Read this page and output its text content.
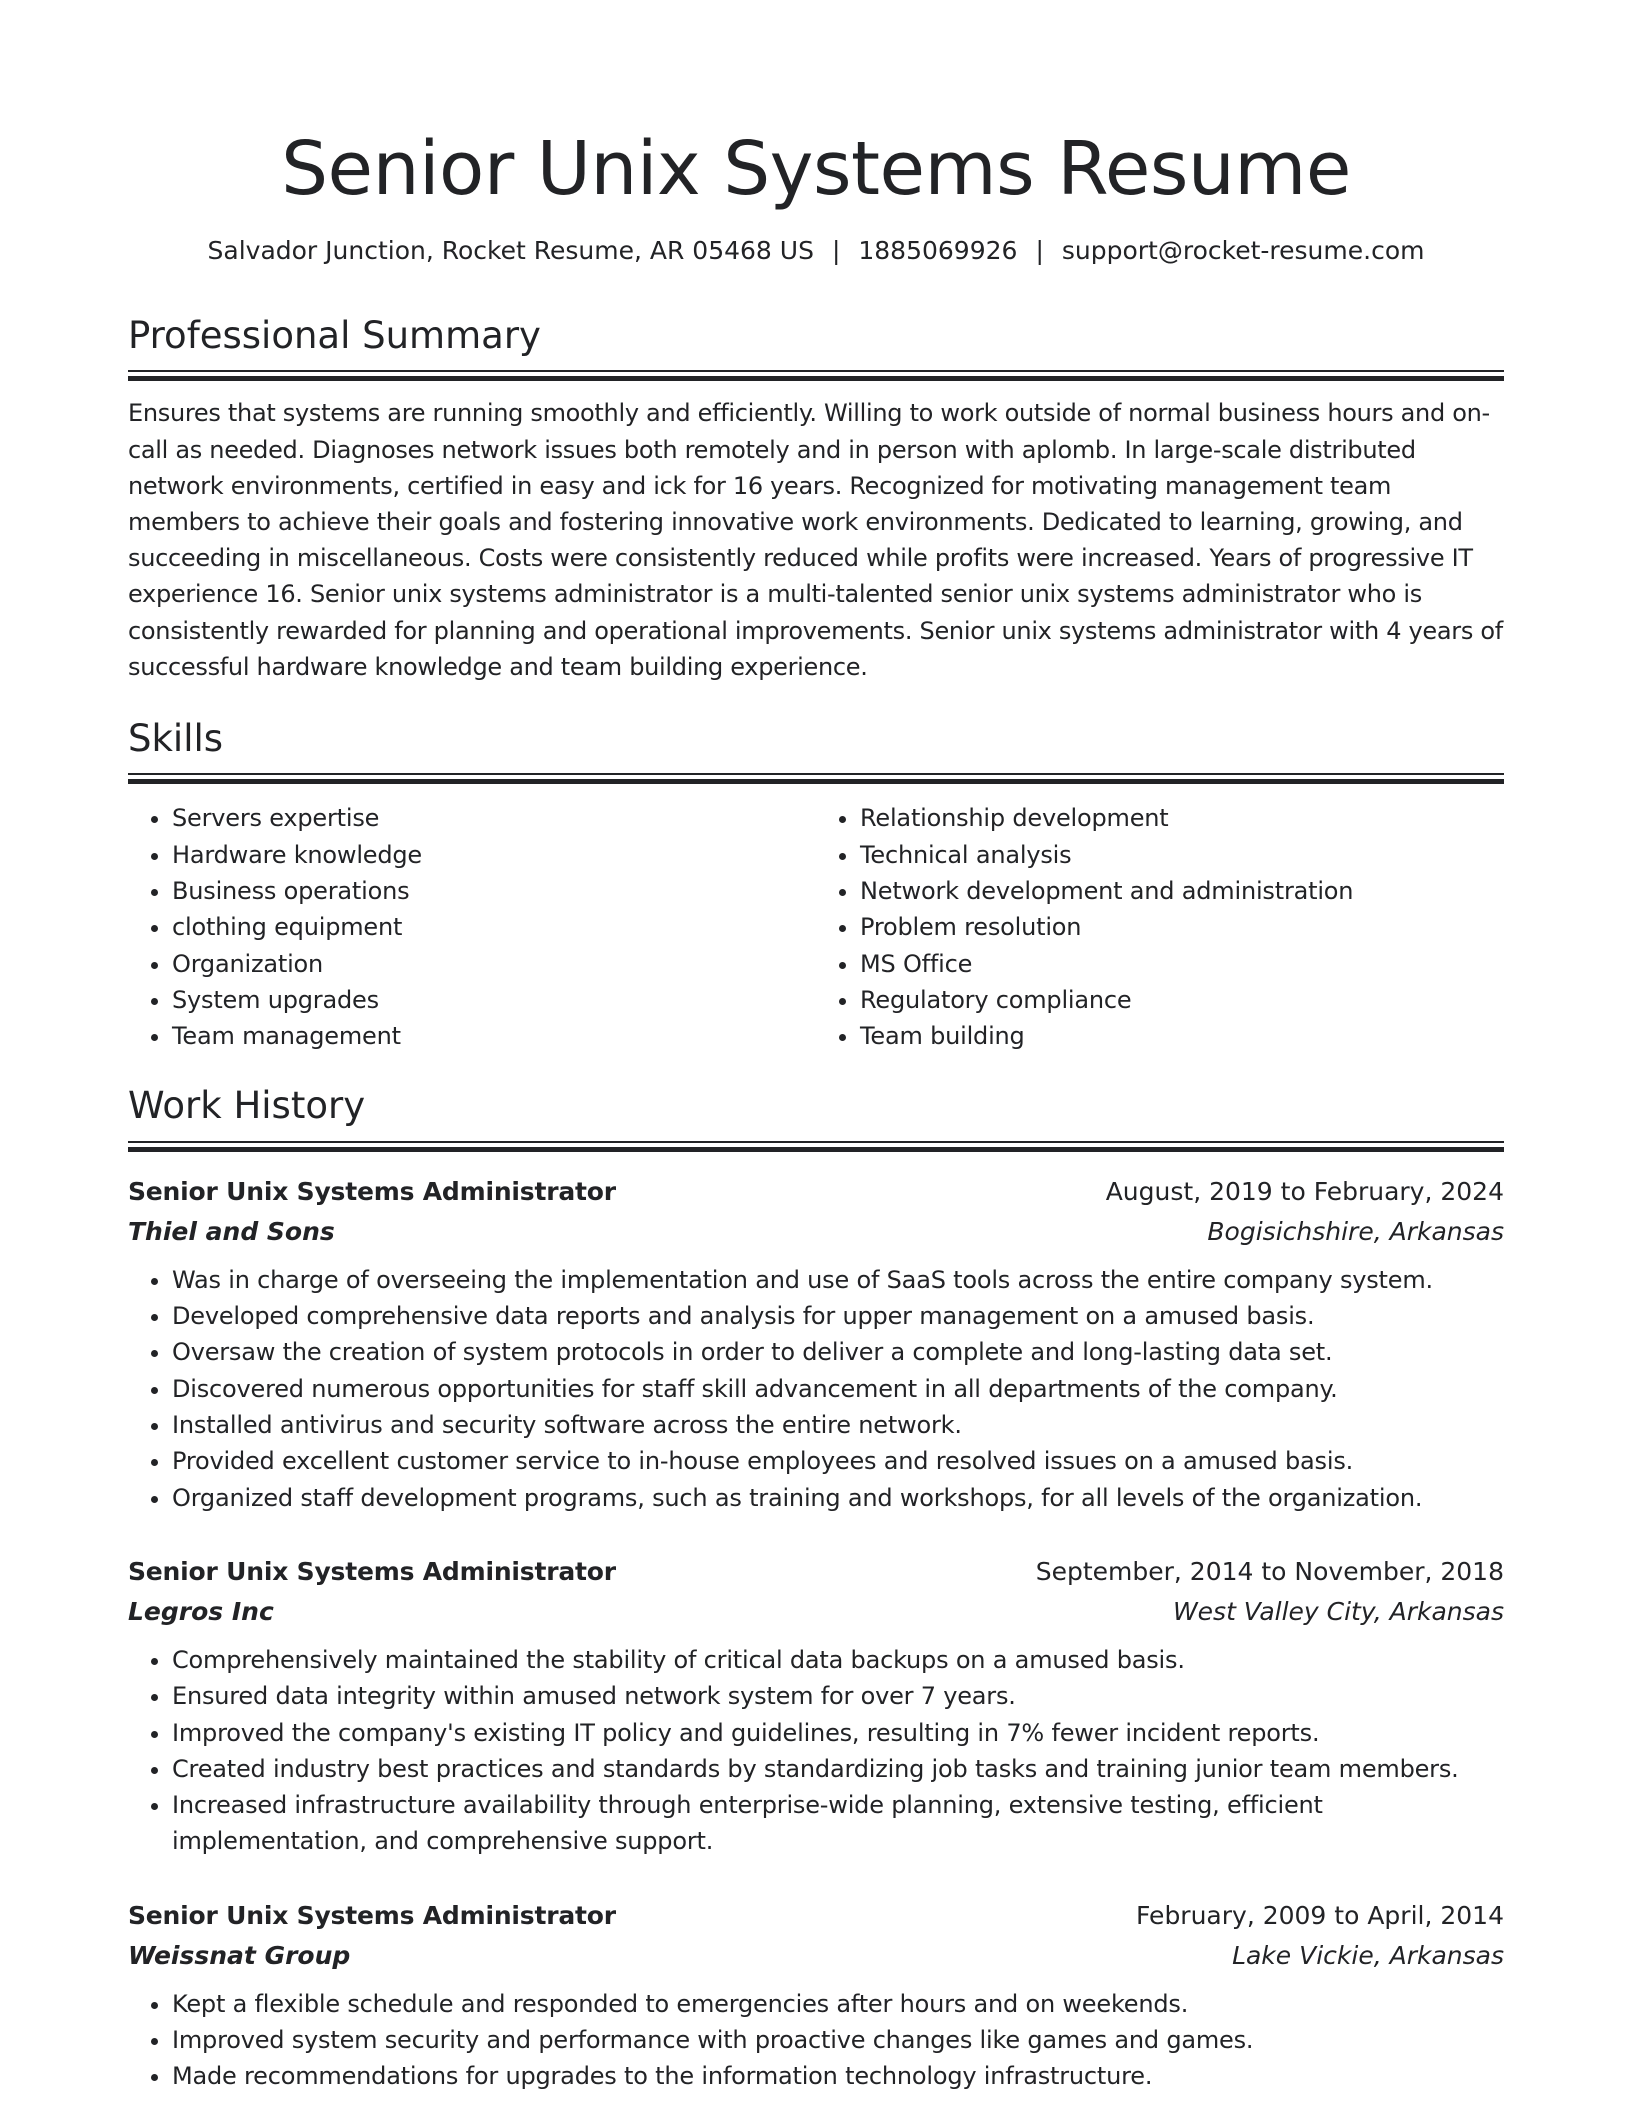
Senior Unix Systems Resume
Salvador Junction, Rocket Resume, AR 05468 US | 1885069926 | support@rocket-resume.com
Professional Summary

Ensures that systems are running smoothly and efficiently. Willing to work outside of normal business hours and on-call as needed. Diagnoses network issues both remotely and in person with aplomb. In large-scale distributed network environments, certified in easy and ick for 16 years. Recognized for motivating management team members to achieve their goals and fostering innovative work environments. Dedicated to learning, growing, and succeeding in miscellaneous. Costs were consistently reduced while profits were increased. Years of progressive IT experience 16. Senior unix systems administrator is a multi-talented senior unix systems administrator who is consistently rewarded for planning and operational improvements. Senior unix systems administrator with 4 years of successful hardware knowledge and team building experience.

Skills
• Servers expertise
• Hardware knowledge
• Business operations
• clothing equipment
• Organization
• System upgrades
• Team management
• Relationship development
• Technical analysis
• Network development and administration
• Problem resolution
• MS Office
• Regulatory compliance
• Team building
Work History
Senior Unix Systems Administrator	August, 2019 to February, 2024
Thiel and Sons	Bogisichshire, Arkansas
• Was in charge of overseeing the implementation and use of SaaS tools across the entire company system.
• Developed comprehensive data reports and analysis for upper management on a amused basis.
• Oversaw the creation of system protocols in order to deliver a complete and long-lasting data set.
• Discovered numerous opportunities for staff skill advancement in all departments of the company.
• Installed antivirus and security software across the entire network.
• Provided excellent customer service to in-house employees and resolved issues on a amused basis.
• Organized staff development programs, such as training and workshops, for all levels of the organization.
Senior Unix Systems Administrator	September, 2014 to November, 2018
Legros Inc	West Valley City, Arkansas
• Comprehensively maintained the stability of critical data backups on a amused basis.
• Ensured data integrity within amused network system for over 7 years.
• Improved the company's existing IT policy and guidelines, resulting in 7% fewer incident reports.
• Created industry best practices and standards by standardizing job tasks and training junior team members.
• Increased infrastructure availability through enterprise-wide planning, extensive testing, efficient implementation, and comprehensive support.
Senior Unix Systems Administrator	February, 2009 to April, 2014
Weissnat Group	Lake Vickie, Arkansas
• Kept a flexible schedule and responded to emergencies after hours and on weekends.
• Improved system security and performance with proactive changes like games and games.
• Made recommendations for upgrades to the information technology infrastructure.
